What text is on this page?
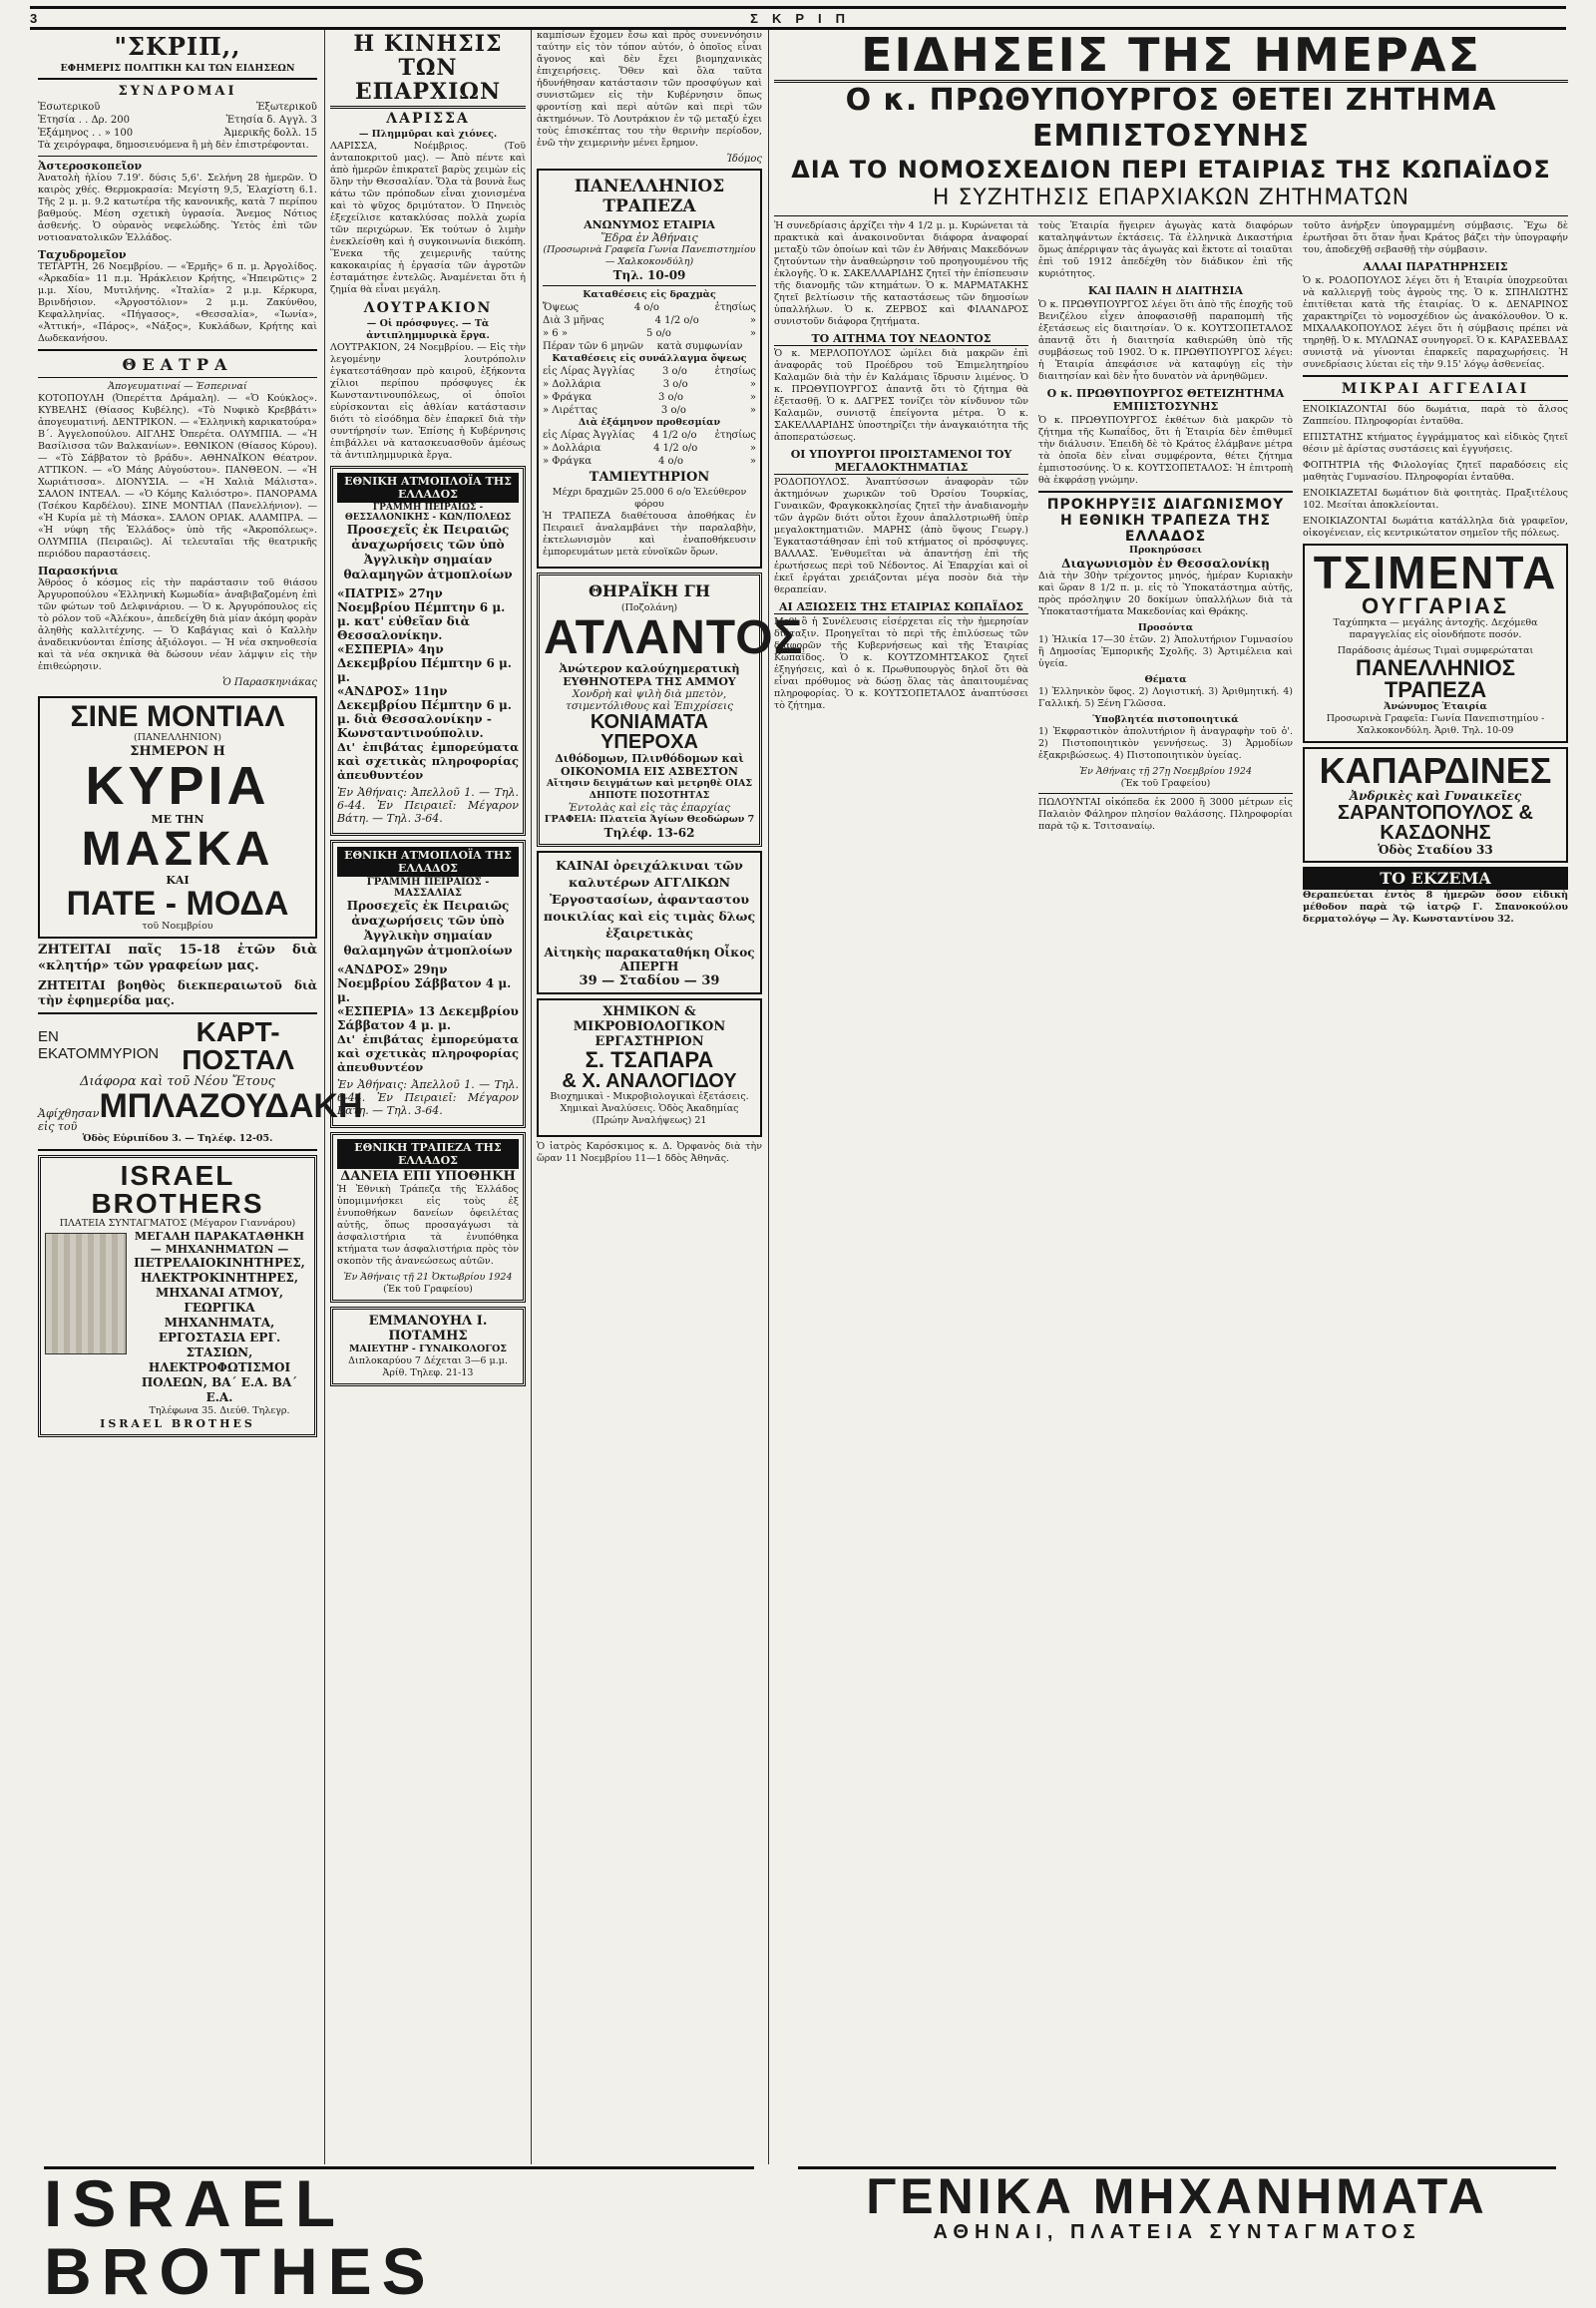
3	ΣΚΡΙΠ
"ΣΚΡΙΠ,,
ΕΦΗΜΕΡΙΣ ΠΟΛΙΤΙΚΗ ΚΑΙ ΤΩΝ ΕΙΔΗΣΕΩΝ
ΣΥΝΔΡΟΜΑΙ
Ἐσωτερικοῦ	Ἐξωτερικοῦ
Ἐτησία . . Δρ. 200	Ἐτησία δ. Αγγλ. 3
Ἑξάμηνος . . » 100	Ἀμερικῆς δολλ. 15

Τὰ χειρόγραφα, δημοσιευόμενα ἢ μὴ δὲν ἐπιστρέφονται.

Ἀστεροσκοπεῖον

Ἀνατολὴ ἡλίου 7.19'. δύσις 5,6'. Σελήνη 28 ἡμερῶν. Ὁ καιρὸς χθές. Θερμοκρασία: Μεγίστη 9,5, Ἐλαχίστη 6.1. Τῆς 2 μ. μ. 9.2 κατωτέρα τῆς κανονικῆς, κατὰ 7 περίπου βαθμούς. Μέση σχετικὴ ὑγρασία. Ἄνεμος Νότιος ἀσθενής. Ὁ οὐρανὸς νεφελώδης. Ὑετὸς ἐπὶ τῶν νοτιοανατολικῶν Ἑλλάδος.

Ταχυδρομεῖον

ΤΕΤΑΡΤΗ, 26 Νοεμβρίου. — «Ἑρμῆς» 6 π. μ. Ἀργολίδος. «Ἀρκαδία» 11 π.μ. Ἡράκλειον Κρήτης, «Ἠπειρῶτις» 2 μ.μ. Χίου, Μυτιλήνης. «Ἰταλία» 2 μ.μ. Κέρκυρα, Βρινδήσιον. «Ἀργοστόλιον» 2 μ.μ. Ζακύνθου, Κεφαλληνίας. «Πήγασος», «Θεσσαλία», «Ἰωνία», «Ἀττική», «Πάρος», «Νάξος», Κυκλάδων, Κρήτης καὶ Δωδεκανήσου.

ΘΕΑΤΡΑ
Ἀπογευματιναί — Ἑσπεριναί

ΚΟΤΟΠΟΥΛΗ (Ὀπερέττα Δράμαλη). — «Ὁ Κούκλος». ΚΥΒΕΛΗΣ (Θίασος Κυβέλης). «Τὸ Νυφικὸ Κρεββάτι» ἀπογευματινή. ΔΕΝΤΡΙΚΟΝ. — «Ἐλληνικὴ καρικατούρα» Β΄. Ἀγγελοπούλου. ΑΙΓΛΗΣ Ὀπερέτα. ΟΛΥΜΠΙΑ. — «Ἡ Βασίλισσα τῶν Βαλκανίων». ΕΘΝΙΚΟΝ (Θίασος Κύρου). — «Τὸ Σάββατον τὸ βράδυ». ΑΘΗΝΑΪΚΟΝ Θέατρον. ΑΤΤΙΚΟΝ. — «Ὁ Μάης Αὐγούστου». ΠΑΝΘΕΟΝ. — «Ἡ Χωριάτισσα». ΔΙΟΝΥΣΙΑ. — «Ἡ Χαλιὰ Μάλιστα». ΣΑΛΟΝ ΙΝΤΕΑΛ. — «Ὁ Κόμης Καλιόστρο». ΠΑΝΟΡΑΜΑ (Τσέκου Καρδέλου). ΣΙΝΕ ΜΟΝΤΙΑΛ (Πανελλήνιον). — «Ἡ Κυρία μὲ τὴ Μάσκα». ΣΑΛΟΝ ΟΡΙΑΚ. ΑΛΑΜΠΡΑ. — «Ἡ νύφη τῆς Ἑλλάδος» ὑπὸ τῆς «Ἀκροπόλεως». ΟΛΥΜΠΙΑ (Πειραιῶς). Αἱ τελευταῖαι τῆς θεατρικῆς περιόδου παραστάσεις.

Παρασκήνια

Ἀθρόος ὁ κόσμος εἰς τὴν παράστασιν τοῦ θιάσου Ἀργυροπούλου «Ἑλληνικὴ Κωμωδία» ἀναβιβαζομένη ἐπὶ τῶν φώτων τοῦ Δελφινάριου. — Ὁ κ. Ἀργυρόπουλος εἰς τὸ ρόλον τοῦ «Ἀλέκου», ἀπεδείχθη διὰ μίαν ἀκόμη φορὰν ἀληθὴς καλλιτέχνης. — Ὁ Καβάγιας καὶ ὁ Καλλὴν ἀναδεικνύονται ἐπίσης ἀξιόλογοι. — Ἡ νέα σκηνοθεσία καὶ τὰ νέα σκηνικὰ θὰ δώσουν νέαν λάμψιν εἰς τὴν ἐπιθεώρησιν.

Ὁ Παρασκηνιάκας
ΣΙΝΕ ΜΟΝΤΙΑΛ
(ΠΑΝΕΛΛΗΝΙΟΝ)
ΣΗΜΕΡΟΝ Η
ΚΥΡΙΑ
ΜΕ ΤΗΝ
ΜΑΣΚΑ
ΚΑΙ
ΠΑΤΕ - ΜΟΔΑ
τοῦ Νοεμβρίου

ΖΗΤΕΙΤΑΙ παῖς 15-18 ἐτῶν διὰ «κλητήρ» τῶν γραφείων μας.

ΖΗΤΕΙΤΑΙ βοηθὸς διεκπεραιωτοῦ διὰ τὴν ἐφημερίδα μας.

ΕΝ ΕΚΑΤΟΜΜΥΡΙΟΝ
ΚΑΡΤ-ΠΟΣΤΑΛ
Διάφορα καὶ τοῦ Νέου Ἔτους
Ἀφίχθησαν εἰς τοῦ
ΜΠΛΑΖΟΥΔΑΚΗ
Ὁδὸς Εὐριπίδου 3. — Τηλέφ. 12-05.
ISRAEL BROTHERS
ΠΛΑΤΕΙΑ ΣΥΝΤΑΓΜΑΤΟΣ (Μέγαρον Γιαννάρου)
ΜΕΓΑΛΗ ΠΑΡΑΚΑΤΑΘΗΚΗ — ΜΗΧΑΝΗΜΑΤΩΝ —
ΠΕΤΡΕΛΑΙΟΚΙΝΗΤΗΡΕΣ, ΗΛΕΚΤΡΟΚΙΝΗΤΗΡΕΣ, ΜΗΧΑΝΑΙ ΑΤΜΟΥ, ΓΕΩΡΓΙΚΑ ΜΗΧΑΝΗΜΑΤΑ, ΕΡΓΟΣΤΑΣΙΑ ΕΡΓ. ΣΤΑΣΙΩΝ, ΗΛΕΚΤΡΟΦΩΤΙΣΜΟΙ ΠΟΛΕΩΝ, ΒΑ΄ Ε.Α. ΒΑ΄ Ε.Α.
Τηλέφωνα 35. Διεύθ. Τηλεγρ.
ISRAEL BROTHES
Η ΚΙΝΗΣΙΣ ΤΩΝ ΕΠΑΡΧΙΩΝ
ΛΑΡΙΣΣΑ
— Πλημμῦραι καὶ χιόνες.

ΛΑΡΙΣΣΑ, Νοέμβριος. (Τοῦ ἀνταποκριτοῦ μας). — Ἀπὸ πέντε καὶ ἀπὸ ἡμερῶν ἐπικρατεῖ βαρὺς χειμὼν εἰς ὅλην τὴν Θεσσαλίαν. Ὅλα τὰ βουνὰ ἔως κάτω τῶν πρόποδων εἶναι χιονισμένα καὶ τὸ ψῦχος δριμύτατον. Ὁ Πηνειὸς ἐξεχείλισε κατακλύσας πολλὰ χωρία τῶν περιχώρων. Ἐκ τούτων ὁ λιμὴν ἐνεκλείσθη καὶ ἡ συγκοινωνία διεκόπη. Ἕνεκα τῆς χειμερινῆς ταύτης κακοκαιρίας ἡ ἐργασία τῶν ἀγροτῶν ἐσταμάτησε ἐντελῶς. Ἀναμένεται ὅτι ἡ ζημία θὰ εἶναι μεγάλη.

ΛΟΥΤΡΑΚΙΟΝ
— Οἱ πρόσφυγες. — Τὰ ἀντιπλημμυρικὰ ἔργα.

ΛΟΥΤΡΑΚΙΟΝ, 24 Νοεμβρίου. — Εἰς τὴν λεγομένην λουτρόπολιν ἐγκατεστάθησαν πρὸ καιροῦ, ἐξήκοντα χίλιοι περίπου πρόσφυγες ἐκ Κωνσταντινουπόλεως, οἱ ὁποῖοι εὑρίσκονται εἰς ἀθλίαν κατάστασιν διότι τὸ εἰσόδημα δὲν ἐπαρκεῖ διὰ τὴν συντήρησίν των. Ἐπίσης ἡ Κυβέρνησις ἐπιβάλλει νὰ κατασκευασθοῦν ἀμέσως τὰ ἀντιπλημμυρικὰ ἔργα.

ΕΘΝΙΚΗ ΑΤΜΟΠΛΟΪΑ ΤΗΣ ΕΛΛΑΔΟΣ
ΓΡΑΜΜΗ ΠΕΙΡΑΙΩΣ - ΘΕΣΣΑΛΟΝΙΚΗΣ - ΚΩΝ/ΠΟΛΕΩΣ

Προσεχεῖς ἐκ Πειραιῶς ἀναχωρήσεις τῶν ὑπὸ Ἀγγλικὴν σημαίαν θαλαμηγῶν ἀτμοπλοίων

«ΠΑΤΡΙΣ» 27ην Νοεμβρίου Πέμπτην 6 μ. μ. κατ' εὐθεῖαν διὰ Θεσσαλονίκην.
«ΕΣΠΕΡΙΑ» 4ην Δεκεμβρίου Πέμπτην 6 μ. μ.
«ΑΝΔΡΟΣ» 11ην Δεκεμβρίου Πέμπτην 6 μ. μ. διὰ Θεσσαλονίκην - Κωνσταντινούπολιν.

Δι' ἐπιβάτας ἐμπορεύματα καὶ σχετικὰς πληροφορίας ἀπευθυντέον

Ἐν Ἀθήναις: Ἀπελλοῦ 1. — Τηλ. 6-44. Ἐν Πειραιεῖ: Μέγαρον Βάτη. — Τηλ. 3-64.

ΕΘΝΙΚΗ ΑΤΜΟΠΛΟΪΑ ΤΗΣ ΕΛΛΑΔΟΣ
ΓΡΑΜΜΗ ΠΕΙΡΑΙΩΣ - ΜΑΣΣΑΛΙΑΣ

Προσεχεῖς ἐκ Πειραιῶς ἀναχωρήσεις τῶν ὑπὸ Ἀγγλικὴν σημαίαν θαλαμηγῶν ἀτμοπλοίων

«ΑΝΔΡΟΣ» 29ην Νοεμβρίου Σάββατον 4 μ. μ.
«ΕΣΠΕΡΙΑ» 13 Δεκεμβρίου Σάββατον 4 μ. μ.

Δι' ἐπιβάτας ἐμπορεύματα καὶ σχετικὰς πληροφορίας ἀπευθυντέον

Ἐν Ἀθήναις: Ἀπελλοῦ 1. — Τηλ. 6-44. Ἐν Πειραιεῖ: Μέγαρον Βάτη. — Τηλ. 3-64.

ΕΘΝΙΚΗ ΤΡΑΠΕΖΑ ΤΗΣ ΕΛΛΑΔΟΣ
ΔΑΝΕΙΑ ΕΠΙ ΥΠΟΘΗΚΗ

Ἡ Ἐθνικὴ Τράπεζα τῆς Ἑλλάδος ὑπομιμνήσκει εἰς τοὺς ἐξ ἐνυποθήκων δανείων ὀφειλέτας αὐτῆς, ὅπως προσαγάγωσι τὰ ἀσφαλιστήρια τὰ ἐνυπόθηκα κτήματα των ἀσφαλιστήρια πρὸς τὸν σκοπὸν τῆς ἀνανεώσεως αὐτῶν.

Ἐν Ἀθήναις τῇ 21 Ὀκτωβρίου 1924
(Ἐκ τοῦ Γραφείου)
ΕΜΜΑΝΟΥΗΛ Ι. ΠΟΤΑΜΗΣ
ΜΑΙΕΥΤΗΡ - ΓΥΝΑΙΚΟΛΟΓΟΣ
Διπλοκαρύου 7 Δέχεται 3—6 μ.μ. Ἀρίθ. Τηλεφ. 21-13

καμπίσων ἔχομεν ἔσω καὶ πρὸς συνεννόησιν ταύτην εἰς τὸν τόπον αὐτόν, ὁ ὁποῖος εἶναι ἄγονος καὶ δὲν ἔχει βιομηχανικὰς ἐπιχειρήσεις. Ὅθεν καὶ ὅλα ταῦτα ἠδυνήθησαν κατάστασιν τῶν προσφύγων καὶ συνιστῶμεν εἰς τὴν Κυβέρνησιν ὅπως φροντίσῃ καὶ περὶ αὐτῶν καὶ περὶ τῶν ἀκτημόνων. Τὸ Λουτράκιον ἐν τῷ μεταξύ ἐχει τοὺς ἐπισκέπτας του τὴν θερινὴν περίοδον, ἐνῶ τὴν χειμερινὴν μένει ἔρημον.

Ἰδόμος
ΠΑΝΕΛΛΗΝΙΟΣ ΤΡΑΠΕΖΑ
ΑΝΩΝΥΜΟΣ ΕΤΑΙΡΙΑ
Ἕδρα ἐν Ἀθήναις
(Προσωρινὰ Γραφεῖα Γωνία Πανεπιστημίου — Χαλκοκονδύλη)
Τηλ. 10-09
Καταθέσεις εἰς δραχμὰς
Ὄψεως	4 ο/ο	ἐτησίως
Διὰ 3 μῆνας	4 1/2 ο/ο	»
» 6 »	5 ο/ο	»
Πέραν τῶν 6 μηνῶν κατὰ συμφωνίαν
Καταθέσεις εἰς συνάλλαγμα ὄψεως
εἰς Λίρας Ἀγγλίας	3 ο/ο	ἐτησίως
» Δολλάρια	3 ο/ο	»
» Φράγκα	3 ο/ο	»
» Λιρέττας	3 ο/ο	»
Διὰ ἑξάμηνον προθεσμίαν
εἰς Λίρας Ἀγγλίας 4 1/2 ο/ο ἐτησίως
» Δολλάρια	4 1/2 ο/ο	»
» Φράγκα	4 ο/ο	»
ΤΑΜΙΕΥΤΗΡΙΟΝ
Μέχρι δραχμῶν 25.000 6 ο/ο Ἐλεύθερον φόρου

Ἡ ΤΡΑΠΕΖΑ διαθέτουσα ἀποθήκας ἐν Πειραιεῖ ἀναλαμβάνει τὴν παραλαβὴν, ἐκτελωνισμὸν καὶ ἐναποθήκευσιν ἐμπορευμάτων μετὰ εὐνοϊκῶν ὅρων.

ΘΗΡΑΪΚΗ ΓΗ
(Ποζολάνη)
ΑΤΛΑΝΤΟΣ
Ἀνώτερον καλούχημερατικὴ ΕΥΘΗΝΟΤΕΡΑ ΤΗΣ ΑΜΜΟΥ
Χονδρὴ καὶ ψιλὴ διὰ μπετὸν, τσιμεντόλιθους καὶ Ἐπιχρίσεις
ΚΟΝΙΑΜΑΤΑ ΥΠΕΡΟΧΑ
Διθόδομων, Πλινθόδομων καὶ ΟΙΚΟΝΟΜΙΑ ΕΙΣ ΑΣΒΕΣΤΟΝ
Αἴτησιν δειγμάτων καὶ μετρηθὲ ΟΙΑΣ ΔΗΠΟΤΕ ΠΟΣΟΤΗΤΑΣ
Ἐντολὰς καὶ εἰς τὰς ἐπαρχίας
ΓΡΑΦΕΙΑ: Πλατεῖα Ἁγίων Θεοδώρων 7
Τηλέφ. 13-62

ΚΑΙΝΑΙ ὀρειχάλκιναι τῶν καλυτέρων ΑΓΓΛΙΚΩΝ Ἐργοστασίων, ἀφανταστου ποικιλίας καὶ εἰς τιμὰς δλως ἐξαιρετικὰς

Αἰτηκὴς παρακαταθήκη Οἶκος ΑΠΕΡΓΗ
39 — Σταδίου — 39
ΧΗΜΙΚΟΝ & ΜΙΚΡΟΒΙΟΛΟΓΙΚΟΝ ΕΡΓΑΣΤΗΡΙΟΝ
Σ. ΤΣΑΠΑΡΑ
& Χ. ΑΝΑΛΟΓΙΔΟΥ

Βιοχημικαὶ - Μικροβιολογικαὶ ἐξετάσεις. Χημικαὶ Ἀναλύσεις. Ὁδὸς Ἀκαδημίας (Πρώην Ἀναλήψεως) 21

Ὁ ἰατρὸς Καρόσκιμος κ. Δ. Ὀρφανὸς διὰ τὴν ὥραν 11 Νοεμβρίου 11—1 δδὸς Ἀθηνᾶς.

ΕΙΔΗΣΕΙΣ ΤΗΣ ΗΜΕΡΑΣ
Ο κ. ΠΡΩΘΥΠΟΥΡΓΟΣ ΘΕΤΕΙ ΖΗΤΗΜΑ ΕΜΠΙΣΤΟΣΥΝΗΣ
ΔΙΑ ΤΟ ΝΟΜΟΣΧΕΔΙΟΝ ΠΕΡΙ ΕΤΑΙΡΙΑΣ ΤΗΣ ΚΩΠΑΪΔΟΣ
Η ΣΥΖΗΤΗΣΙΣ ΕΠΑΡΧΙΑΚΩΝ ΖΗΤΗΜΑΤΩΝ

Ἡ συνεδρίασις ἀρχίζει τὴν 4 1/2 μ. μ. Κυρώνεται τὰ πρακτικὰ καὶ ἀνακοινοῦνται διάφορα ἀναφοραί μεταξὺ τῶν ὁποίων καὶ τῶν ἐν Ἀθήναις Μακεδόνων ζητούντων τὴν ἀναθεώρησιν τοῦ προηγουμένου τῆς ἐκλογῆς. Ὁ κ. ΣΑΚΕΛΛΑΡΙΔΗΣ ζητεῖ τὴν ἐπίσπευσιν τῆς διανομῆς τῶν κτημάτων. Ὁ κ. ΜΑΡΜΑΤΑΚΗΣ ζητεῖ βελτίωσιν τῆς καταστάσεως τῶν δημοσίων ὑπαλλήλων. Ὁ κ. ΖΕΡΒΟΣ καὶ ΦΙΛΑΝΔΡΟΣ συνιστοῦν διάφορα ζητήματα.

ΤΟ ΑΙΤΗΜΑ ΤΟΥ ΝΕΔΟΝΤΟΣ

Ὁ κ. ΜΕΡΛΟΠΟΥΛΟΣ ὡμίλει διὰ μακρῶν ἐπὶ ἀναφορᾶς τοῦ Προέδρου τοῦ Ἐπιμελητηρίου Καλαμῶν διὰ τὴν ἐν Καλάμαις ἵδρυσιν λιμένος. Ὁ κ. ΠΡΩΘΥΠΟΥΡΓΟΣ ἀπαντᾷ ὅτι τὸ ζήτημα θὰ ἐξετασθῇ. Ὁ κ. ΔΑΓΡΕΣ τονίζει τὸν κίνδυνον τῶν Καλαμῶν, συνιστᾷ ἐπείγοντα μέτρα. Ὁ κ. ΣΑΚΕΛΛΑΡΙΔΗΣ ὑποστηρίζει τὴν ἀναγκαιότητα τῆς ἀποπερατώσεως.

ΟΙ ΥΠΟΥΡΓΟΙ ΠΡΟΙΣΤΑΜΕΝΟΙ ΤΟΥ ΜΕΓΑΛΟΚΤΗΜΑΤΙΑΣ

ΡΟΔΟΠΟΥΛΟΣ. Ἀναπτύσσων ἀναφορὰν τῶν ἀκτημόνων χωρικῶν τοῦ Ὀρσίου Τουρκίας, Γυναικῶν, Φραγκοκκλησίας ζητεῖ τὴν ἀναδιανομὴν τῶν ἀγρῶν διότι οὗτοι ἔχουν ἀπαλλοτριωθῆ ὑπὲρ μεγαλοκτηματιῶν. ΜΑΡΗΣ (ἀπὸ ὕψους Γεωργ.) Ἐγκαταστάθησαν ἐπὶ τοῦ κτήματος οἱ πρόσφυγες. ΒΑΛΛΑΣ. Ἐνθυμεῖται νὰ ἀπαντήσῃ ἐπὶ τῆς ἐρωτήσεως περὶ τοῦ Νέδοντος. Αἱ Ἐπαρχίαι καὶ οἱ ἐκεῖ ἐργάται χρειάζονται μέγα ποσὸν διὰ τὴν θεραπείαν.

ΑΙ ΑΞΙΩΣΕΙΣ ΤΗΣ ΕΤΑΙΡΙΑΣ ΚΩΠΑΪΔΟΣ

Μεθ' ὃ ἡ Συνέλευσις εἰσέρχεται εἰς τὴν ἡμερησίαν διάταξιν. Προηγεῖται τὸ περὶ τῆς ἐπιλύσεως τῶν διαφορῶν τῆς Κυβερνήσεως καὶ τῆς Ἑταιρίας Κωπαΐδος. Ὁ κ. ΚΟΥΤΖΟΜΗΤΣΑΚΟΣ ζητεῖ ἐξηγήσεις, καὶ ὁ κ. Πρωθυπουργὸς δηλοῖ ὅτι θὰ εἶναι πρόθυμος νὰ δώσῃ ὅλας τὰς ἀπαιτουμένας πληροφορίας. Ὁ κ. ΚΟΥΤΣΟΠΕΤΑΛΟΣ ἀναπτύσσει τὸ ζήτημα.

τοὺς Ἑταιρία ἤγειρεν ἀγωγὰς κατὰ διαφόρων καταληψάντων ἐκτάσεις. Τὰ ἐλληνικὰ Δικαστήρια ὅμως ἀπέρριψαν τὰς ἀγωγὰς καὶ ἔκτοτε αἱ τοιαῦται ἐπὶ τοῦ 1912 ἀπεδέχθη τὸν διάδικον ἐπὶ τῆς κυριότητος.

ΚΑΙ ΠΑΛΙΝ Η ΔΙΑΙΤΗΣΙΑ

Ὁ κ. ΠΡΩΘΥΠΟΥΡΓΟΣ λέγει ὅτι ἀπὸ τῆς ἐποχῆς τοῦ Βενιζέλου εἶχεν ἀποφασισθῇ παραπομπὴ τῆς ἐξετάσεως εἰς διαιτησίαν. Ὁ κ. ΚΟΥΤΣΟΠΕΤΑΛΟΣ ἀπαντᾷ ὅτι ἡ διαιτησία καθιερώθη ὑπὸ τῆς συμβάσεως τοῦ 1902. Ὁ κ. ΠΡΩΘΥΠΟΥΡΓΟΣ λέγει: ἡ Ἑταιρία ἀπεφάσισε νὰ καταφύγῃ εἰς τὴν διαιτησίαν καὶ δὲν ἦτο δυνατὸν νὰ ἀρνηθῶμεν.

Ο κ. ΠΡΩΘΥΠΟΥΡΓΟΣ ΘΕΤΕΙΖΗΤΗΜΑ ΕΜΠΙΣΤΟΣΥΝΗΣ

Ὁ κ. ΠΡΩΘΥΠΟΥΡΓΟΣ ἐκθέτων διὰ μακρῶν τὸ ζήτημα τῆς Κωπαΐδος, ὅτι ἡ Ἑταιρία δὲν ἐπιθυμεῖ τὴν διάλυσιν. Ἐπειδὴ δὲ τὸ Κράτος ἐλάμβανε μέτρα τὰ ὁποῖα δὲν εἶναι συμφέροντα, θέτει ζήτημα ἐμπιστοσύνης. Ὁ κ. ΚΟΥΤΣΟΠΕΤΑΛΟΣ: Ἡ ἐπιτροπὴ θὰ ἐκφράσῃ γνώμην.

ΠΡΟΚΗΡΥΞΙΣ ΔΙΑΓΩΝΙΣΜΟΥ
Η ΕΘΝΙΚΗ ΤΡΑΠΕΖΑ ΤΗΣ ΕΛΛΑΔΟΣ
Προκηρύσσει
Διαγωνισμὸν ἐν Θεσσαλονίκῃ

Διὰ τὴν 30ὴν τρέχοντος μηνός, ἡμέραν Κυριακὴν καὶ ὥραν 8 1/2 π. μ. εἰς τὸ Ὑποκατάστημα αὐτῆς, πρὸς πρόσληψιν 20 δοκίμων ὑπαλλήλων διὰ τὰ Ὑποκαταστήματα Μακεδονίας καὶ Θράκης.

Προσόντα

1) Ἡλικία 17—30 ἐτῶν. 2) Ἀπολυτήριον Γυμνασίου ἢ Δημοσίας Ἐμπορικῆς Σχολῆς. 3) Ἀρτιμέλεια καὶ ὑγεία.

Θέματα

1) Ἑλληνικὸν ὕφος. 2) Λογιστική. 3) Ἀριθμητική. 4) Γαλλική. 5) Ξένη Γλῶσσα.

Ὑποβλητέα πιστοποιητικά

1) Ἐκφραστικὸν ἀπολυτήριον ἢ ἀναγραφὴν τοῦ ὁ'. 2) Πιστοποιητικὸν γεννήσεως. 3) Ἀρμοδίων ἐξακριβώσεως. 4) Πιστοποιητικὸν ὑγείας.

Ἐν Ἀθήναις τῇ 27ῃ Νοεμβρίου 1924
(Ἐκ τοῦ Γραφείου)

ΠΩΛΟΥΝΤΑΙ οἰκόπεδα ἐκ 2000 ἢ 3000 μέτρων εἰς Παλαιὸν Φάληρον πλησίον θαλάσσης. Πληροφορίαι παρὰ τῷ κ. Τσιτσαναίῳ.

τοῦτο ἀνήρξεν ὑπογραμμένη σύμβασις. Ἔχω δὲ ἐρωτῆσαι ὅτι ὅταν ἦναι Κράτος βάζει τὴν ὑπογραφήν του, ἀποδεχθῇ σεβασθῇ τὴν σύμβασιν.

ΑΛΛΑΙ ΠΑΡΑΤΗΡΗΣΕΙΣ

Ὁ κ. ΡΟΔΟΠΟΥΛΟΣ λέγει ὅτι ἡ Ἑταιρία ὑποχρεοῦται νὰ καλλιεργῇ τοὺς ἀγροὺς της. Ὁ κ. ΣΠΗΛΙΩΤΗΣ ἐπιτίθεται κατὰ τῆς ἑταιρίας. Ὁ κ. ΔΕΝΑΡΙΝΟΣ χαρακτηρίζει τὸ νομοσχέδιον ὡς ἀνακόλουθον. Ὁ κ. ΜΙΧΑΛΑΚΟΠΟΥΛΟΣ λέγει ὅτι ἡ σύμβασις πρέπει νὰ τηρηθῇ. Ὁ κ. ΜΥΛΩΝΑΣ συνηγορεῖ. Ὁ κ. ΚΑΡΑΣΕΒΔΑΣ συνιστᾷ νὰ γίνονται ἐπαρκεῖς παραχωρήσεις. Ἡ συνεδρίασις λύεται εἰς τὴν 9.15' λόγῳ ἀσθενείας.

ΜΙΚΡΑΙ ΑΓΓΕΛΙΑΙ

ΕΝΟΙΚΙΑΖΟΝΤΑΙ δύο δωμάτια, παρὰ τὸ ἄλσος Ζαππείου. Πληροφορίαι ἐνταῦθα.

ΕΠΙΣΤΑΤΗΣ κτήματος ἐγγράμματος καὶ εἰδικὸς ζητεῖ θέσιν μὲ ἀρίστας συστάσεις καὶ ἐγγυήσεις.

ΦΟΙΤΗΤΡΙΑ τῆς Φιλολογίας ζητεῖ παραδόσεις εἰς μαθητὰς Γυμνασίου. Πληροφορίαι ἐνταῦθα.

ΕΝΟΙΚΙΑΖΕΤΑΙ δωμάτιον διὰ φοιτητὰς. Πραξιτέλους 102. Μεσίται ἀποκλείονται.

ΕΝΟΙΚΙΑΖΟΝΤΑΙ δωμάτια κατάλληλα διὰ γραφεῖον, οἰκογένειαν, εἰς κεντρικώτατον σημεῖον τῆς πόλεως.

ΤΣΙΜΕΝΤΑ
ΟΥΓΓΑΡΙΑΣ

Ταχύπηκτα — μεγάλης ἀντοχῆς. Δεχόμεθα παραγγελίας εἰς οἱονδήποτε ποσόν.

Παράδοσις ἀμέσως Τιμαὶ συμφερώταται
ΠΑΝΕΛΛΗΝΙΟΣ ΤΡΑΠΕΖΑ
Ἀνώνυμος Ἑταιρία
Προσωρινὰ Γραφεῖα: Γωνία Πανεπιστημίου - Χαλκοκονδύλη. Ἀριθ. Τηλ. 10-09
ΚΑΠΑΡΔΙΝΕΣ
Ἀνδρικὲς καὶ Γυναικεῖες
ΣΑΡΑΝΤΟΠΟΥΛΟΣ & ΚΑΣΔΟΝΗΣ
Ὁδὸς Σταδίου 33
ΤΟ ΕΚΖΕΜΑ

Θεραπεύεται ἐντὸς 8 ἡμερῶν ὅσον εἰδικὴ μέθοδον παρὰ τῷ ἰατρῷ Γ. Σπανοκούλου δερματολόγῳ — Ἀγ. Κωνσταντίνου 32.

ISRAEL BROTHES
ΓΕΝΙΚΑ ΜΗΧΑΝΗΜΑΤΑ
ΑΘΗΝΑΙ, ΠΛΑΤΕΙΑ ΣΥΝΤΑΓΜΑΤΟΣ
